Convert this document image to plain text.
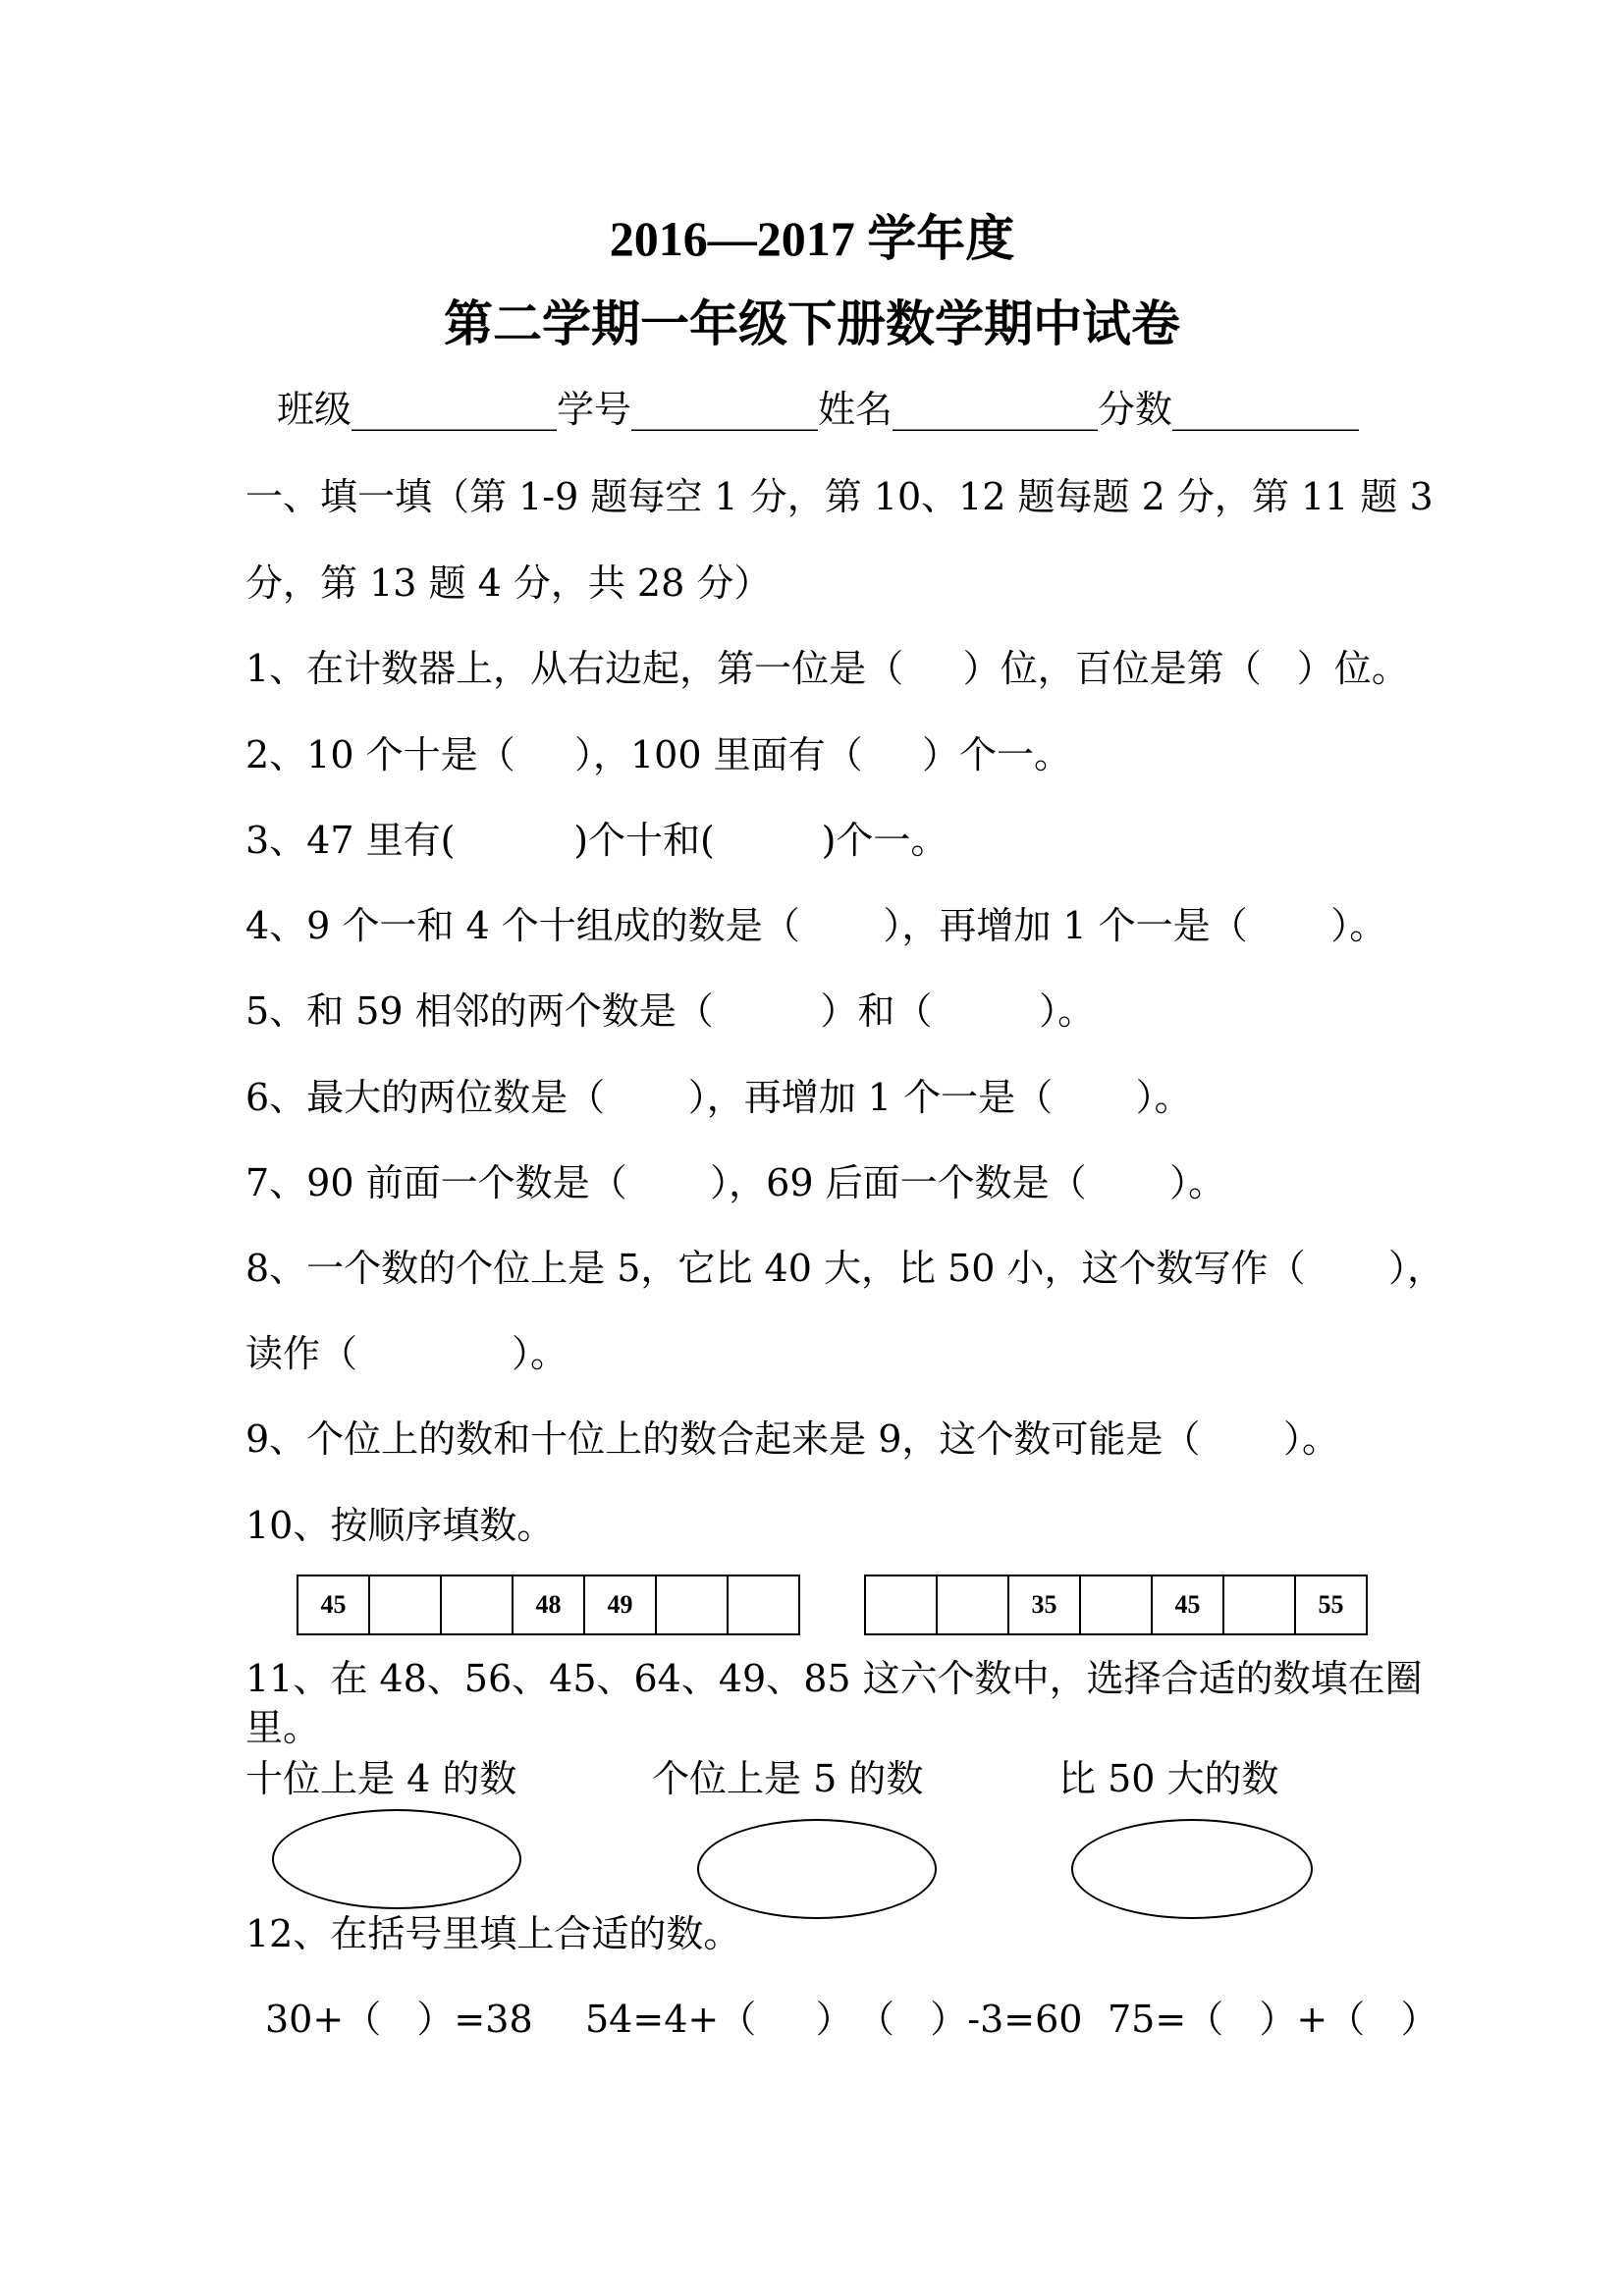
2016—2017 学年度
第二学期一年级下册数学期中试卷
班级___________学号__________姓名___________分数__________
一、填一填（第 1-9 题每空 1 分，第 10、12 题每题 2 分，第 11 题 3
分，第 13 题 4 分，共 28 分）
1、在计数器上，从右边起，第一位是（     ）位，百位是第（   ）位。
2、10 个十是（     ），100 里面有（     ）个一。
3、47 里有(          )个十和(         )个一。
4、9 个一和 4 个十组成的数是（       ），再增加 1 个一是（       ）。
5、和 59 相邻的两个数是（         ）和（         ）。
6、最大的两位数是（       ），再增加 1 个一是（       ）。
7、90 前面一个数是（       ），69 后面一个数是（       ）。
8、一个数的个位上是 5，它比 40 大，比 50 小，这个数写作（       ），
读作（             ）。
9、个位上的数和十位上的数合起来是 9，这个数可能是（       ）。
10、按顺序填数。
45			48	49		
			35		45		55
11、在 48、56、45、64、49、85 这六个数中，选择合适的数填在圈
里。
十位上是 4 的数	个位上是 5 的数	比 50 大的数
12、在括号里填上合适的数。
30+（   ）=38 54=4+（     ） （   ）-3=60 75=（   ）+（   ）
